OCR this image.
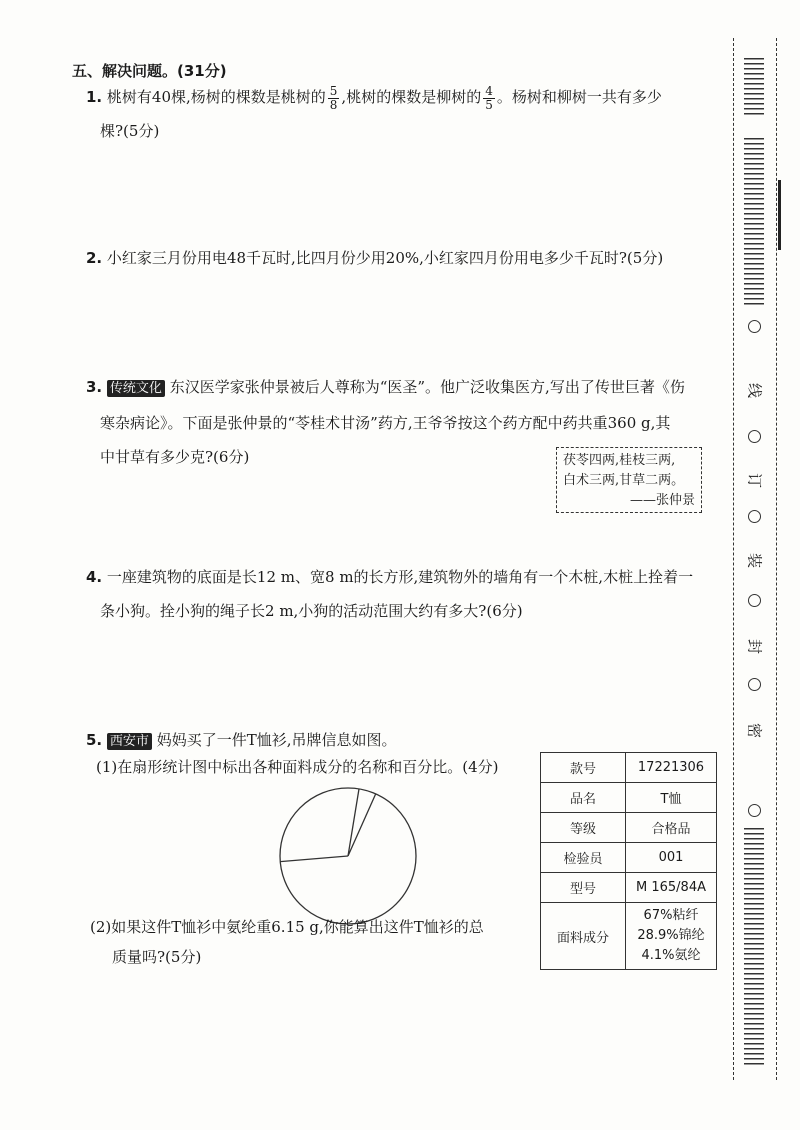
五、解决问题。(31分)
1. 桃树有40棵,杨树的棵数是桃树的 $\frac{5}{8}$ ,桃树的棵数是柳树的 $\frac{4}{5}$ 。杨树和柳树一共有多少
棵?(5分)
2. 小红家三月份用电48千瓦时,比四月份少用20%,小红家四月份用电多少千瓦时?(5分)
3. 传统文化 东汉医学家张仲景被后人尊称为“医圣”。他广泛收集医方,写出了传世巨著《伤
寒杂病论》。下面是张仲景的“苓桂术甘汤”药方,王爷爷按这个药方配中药共重360 g,其
中甘草有多少克?(6分)	茯苓四两,桂枝三两,
白术三两,甘草二两。
——张仲景
4. 一座建筑物的底面是长12 m、宽8 m的长方形,建筑物外的墙角有一个木桩,木桩上拴着一
条小狗。拴小狗的绳子长2 m,小狗的活动范围大约有多大?(6分)
5. 西安市 妈妈买了一件T恤衫,吊牌信息如图。
(1)在扇形统计图中标出各种面料成分的名称和百分比。(4分)
(2)如果这件T恤衫中氨纶重6.15 g,你能算出这件T恤衫的总
质量吗?(5分)
款号	17221306

品名	T恤

等级	合格品

检验员	001

型号	M 165/84A

面料成分	67%粘纤
28.9%锦纶
4.1%氨纶
线
订
装
封
密
